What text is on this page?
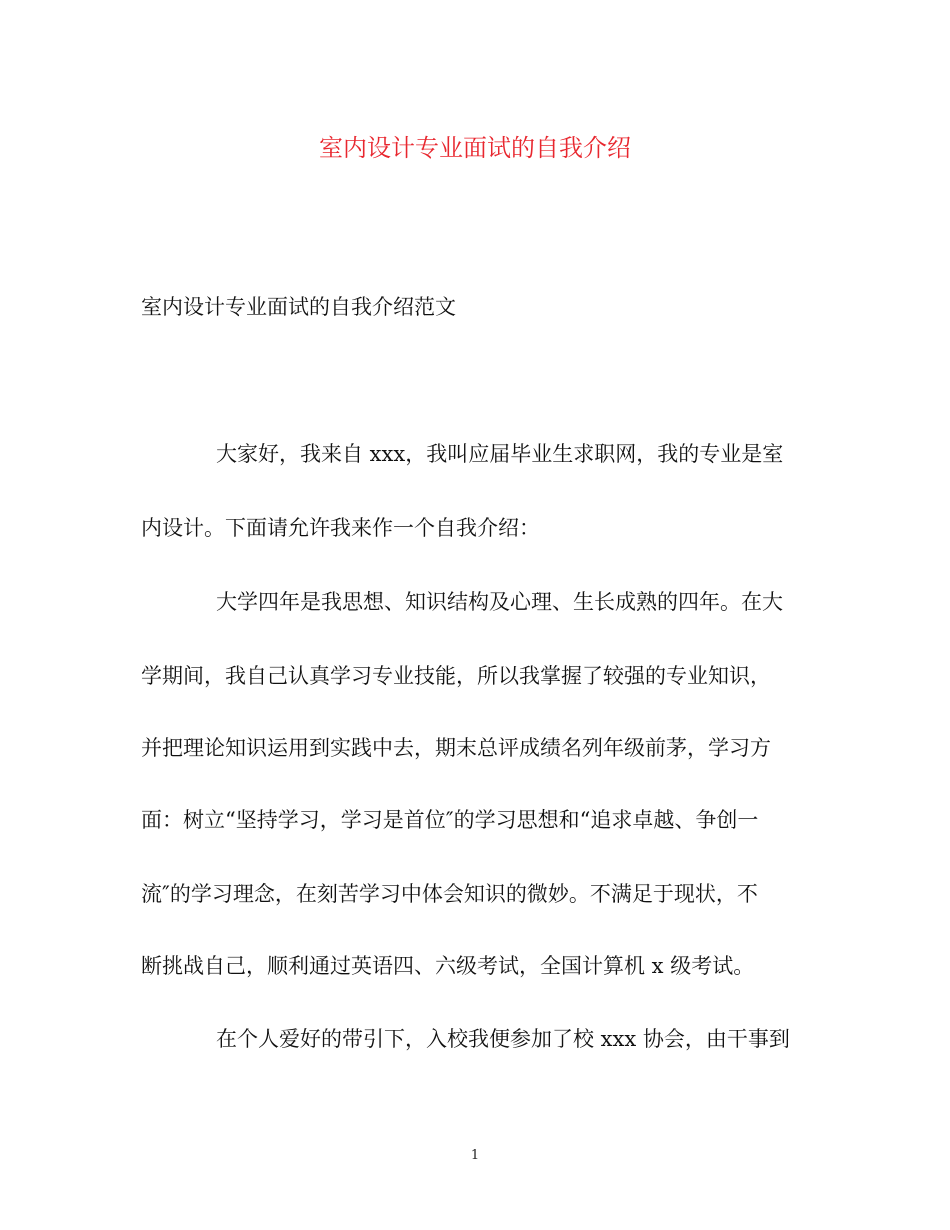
室内设计专业面试的自我介绍
室内设计专业面试的自我介绍范文
大家好，我来自 xxx，我叫应届毕业生求职网，我的专业是室
内设计。下面请允许我来作一个自我介绍：
大学四年是我思想、知识结构及心理、生长成熟的四年。在大
学期间，我自己认真学习专业技能，所以我掌握了较强的专业知识，
并把理论知识运用到实践中去，期末总评成绩名列年级前茅，学习方
面：树立“坚持学习，学习是首位″的学习思想和“追求卓越、争创一
流″的学习理念，在刻苦学习中体会知识的微妙。不满足于现状，不
断挑战自己，顺利通过英语四、六级考试，全国计算机 x 级考试。
在个人爱好的带引下，入校我便参加了校 xxx 协会，由干事到
1
